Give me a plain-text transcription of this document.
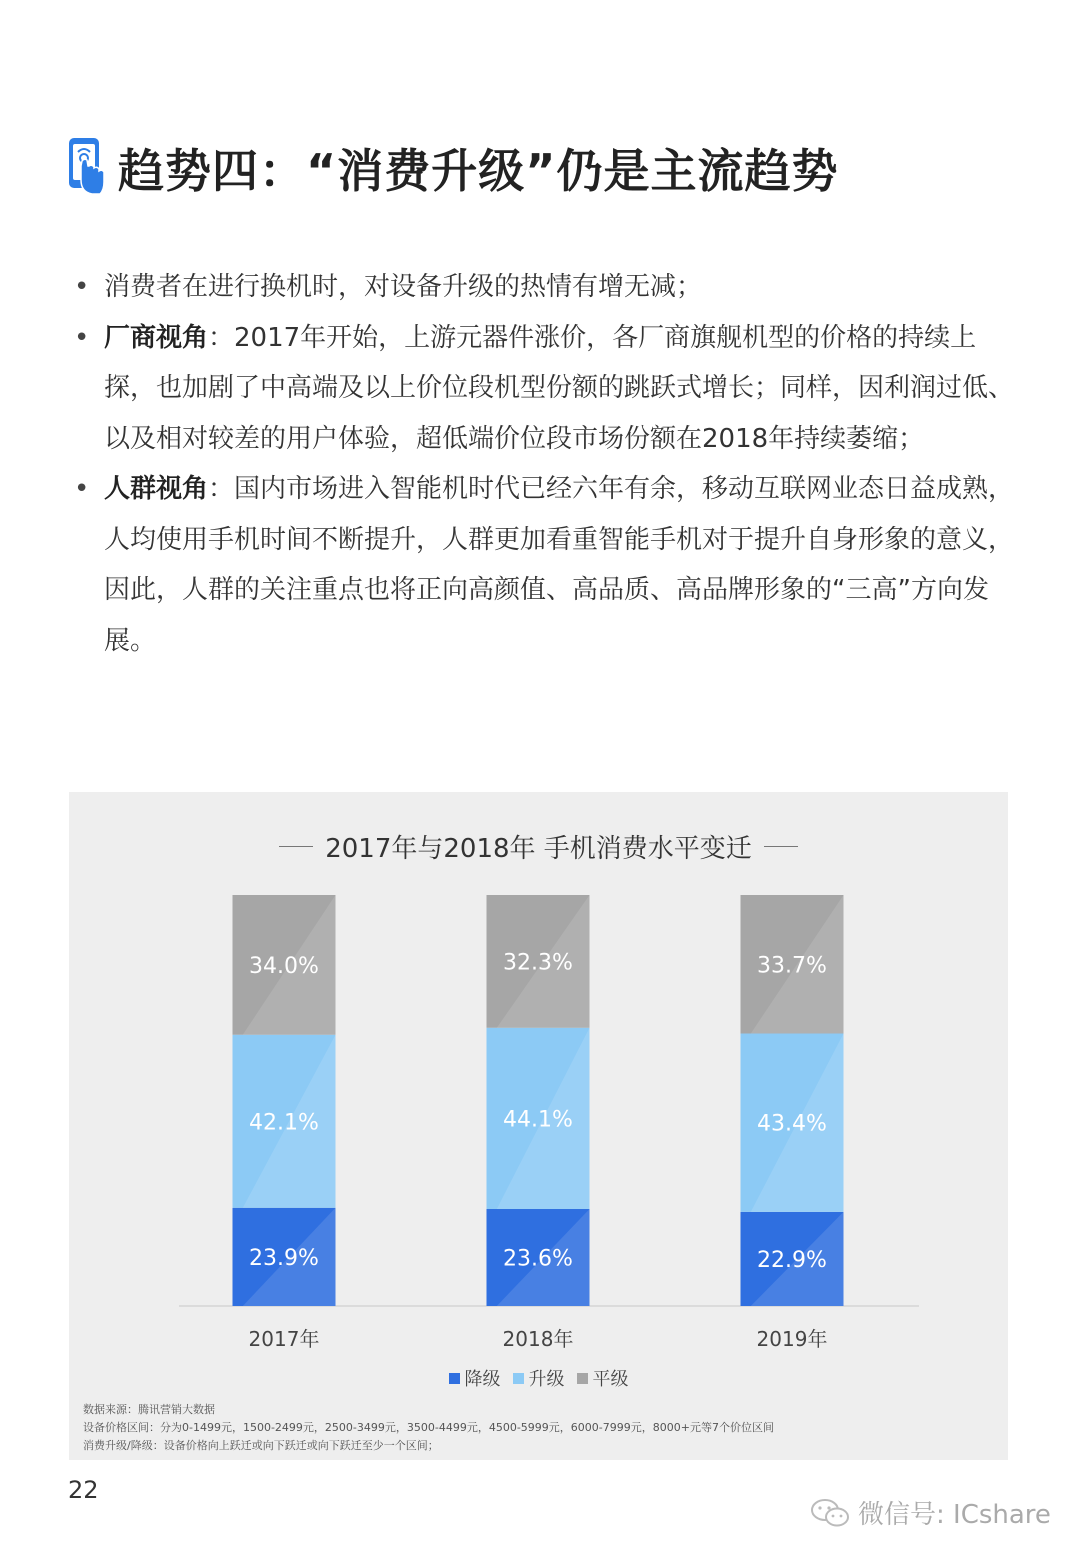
趋势四：“消费升级”仍是主流趋势
• 消费者在进行换机时，对设备升级的热情有增无减；
• 厂商视角：2017年开始，上游元器件涨价，各厂商旗舰机型的价格的持续上探，也加剧了中高端及以上价位段机型份额的跳跃式增长；同样，因利润过低、以及相对较差的用户体验，超低端价位段市场份额在2018年持续萎缩；
• 人群视角：国内市场进入智能机时代已经六年有余，移动互联网业态日益成熟，人均使用手机时间不断提升，人群更加看重智能手机对于提升自身形象的意义，因此，人群的关注重点也将正向高颜值、高品质、高品牌形象的“三高”方向发展。
2017年与2018年 手机消费水平变迁
23.9%
42.1%
34.0%
2017年
23.6%
44.1%
32.3%
2018年
22.9%
43.4%
33.7%
2019年
降级 升级 平级
数据来源：腾讯营销大数据
设备价格区间：分为0-1499元，1500-2499元，2500-3499元，3500-4499元，4500-5999元，6000-7999元，8000+元等7个价位区间
消费升级/降级：设备价格向上跃迁或向下跃迁或向下跃迁至少一个区间；
22
微信号: ICshare
